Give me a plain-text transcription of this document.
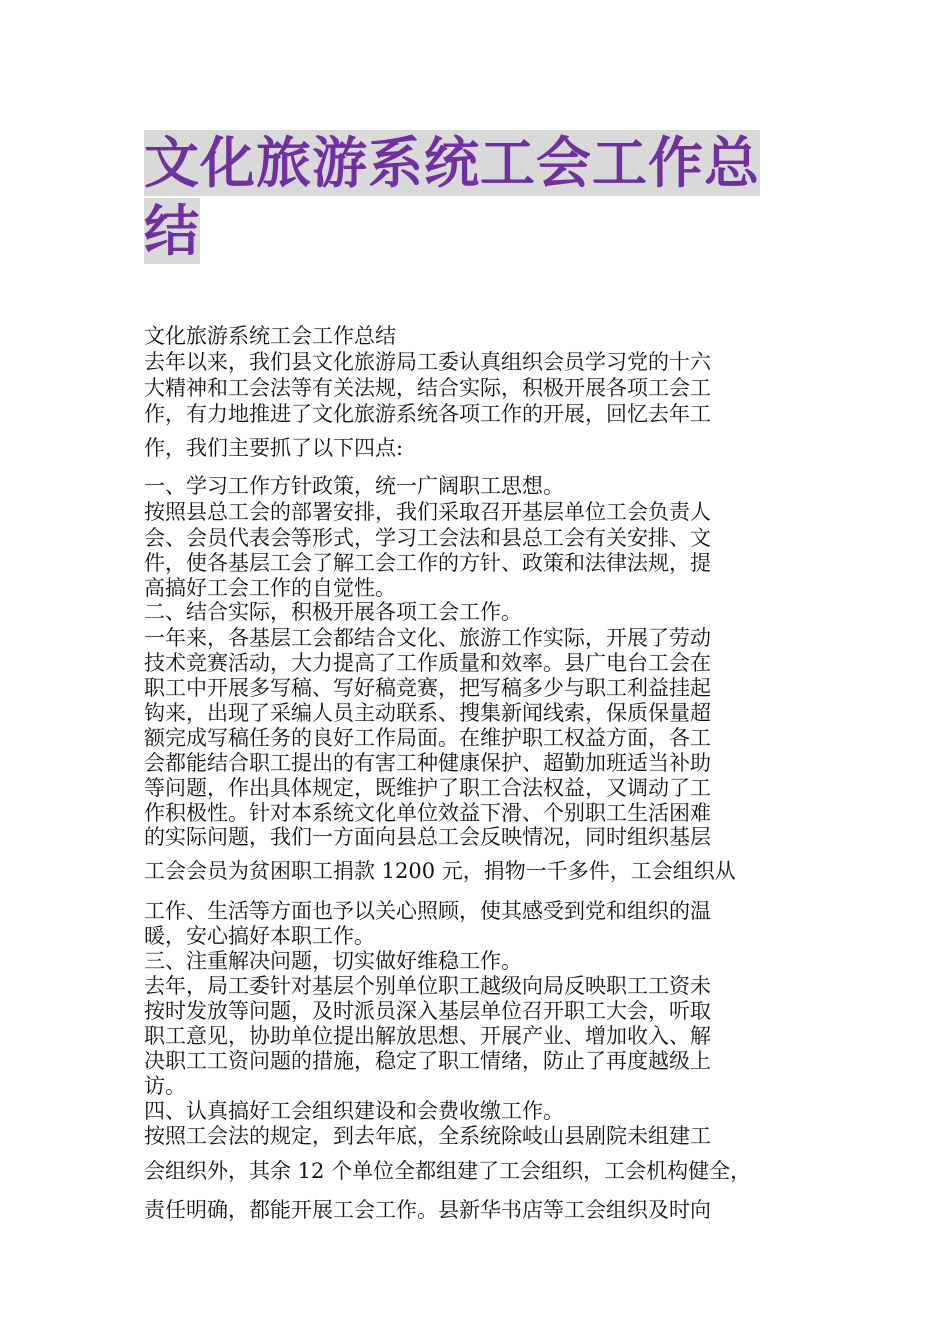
文化旅游系统工会工作总
结
文化旅游系统工会工作总结
去年以来，我们县文化旅游局工委认真组织会员学习党的十六
大精神和工会法等有关法规，结合实际，积极开展各项工会工
作，有力地推进了文化旅游系统各项工作的开展，回忆去年工
作，我们主要抓了以下四点:
一、学习工作方针政策，统一广阔职工思想。
按照县总工会的部署安排，我们采取召开基层单位工会负责人
会、会员代表会等形式，学习工会法和县总工会有关安排、文
件，使各基层工会了解工会工作的方针、政策和法律法规，提
高搞好工会工作的自觉性。
二、结合实际，积极开展各项工会工作。
一年来，各基层工会都结合文化、旅游工作实际，开展了劳动
技术竞赛活动，大力提高了工作质量和效率。县广电台工会在
职工中开展多写稿、写好稿竞赛，把写稿多少与职工利益挂起
钩来，出现了采编人员主动联系、搜集新闻线索，保质保量超
额完成写稿任务的良好工作局面。在维护职工权益方面，各工
会都能结合职工提出的有害工种健康保护、超勤加班适当补助
等问题，作出具体规定，既维护了职工合法权益，又调动了工
作积极性。针对本系统文化单位效益下滑、个别职工生活困难
的实际问题，我们一方面向县总工会反映情况，同时组织基层
工会会员为贫困职工捐款 1200 元，捐物一千多件，工会组织从
工作、生活等方面也予以关心照顾，使其感受到党和组织的温
暖，安心搞好本职工作。
三、注重解决问题，切实做好维稳工作。
去年，局工委针对基层个别单位职工越级向局反映职工工资未
按时发放等问题，及时派员深入基层单位召开职工大会，听取
职工意见，协助单位提出解放思想、开展产业、增加收入、解
决职工工资问题的措施，稳定了职工情绪，防止了再度越级上
访。
四、认真搞好工会组织建设和会费收缴工作。
按照工会法的规定，到去年底，全系统除岐山县剧院未组建工
会组织外，其余 12 个单位全都组建了工会组织，工会机构健全，
责任明确，都能开展工会工作。县新华书店等工会组织及时向
